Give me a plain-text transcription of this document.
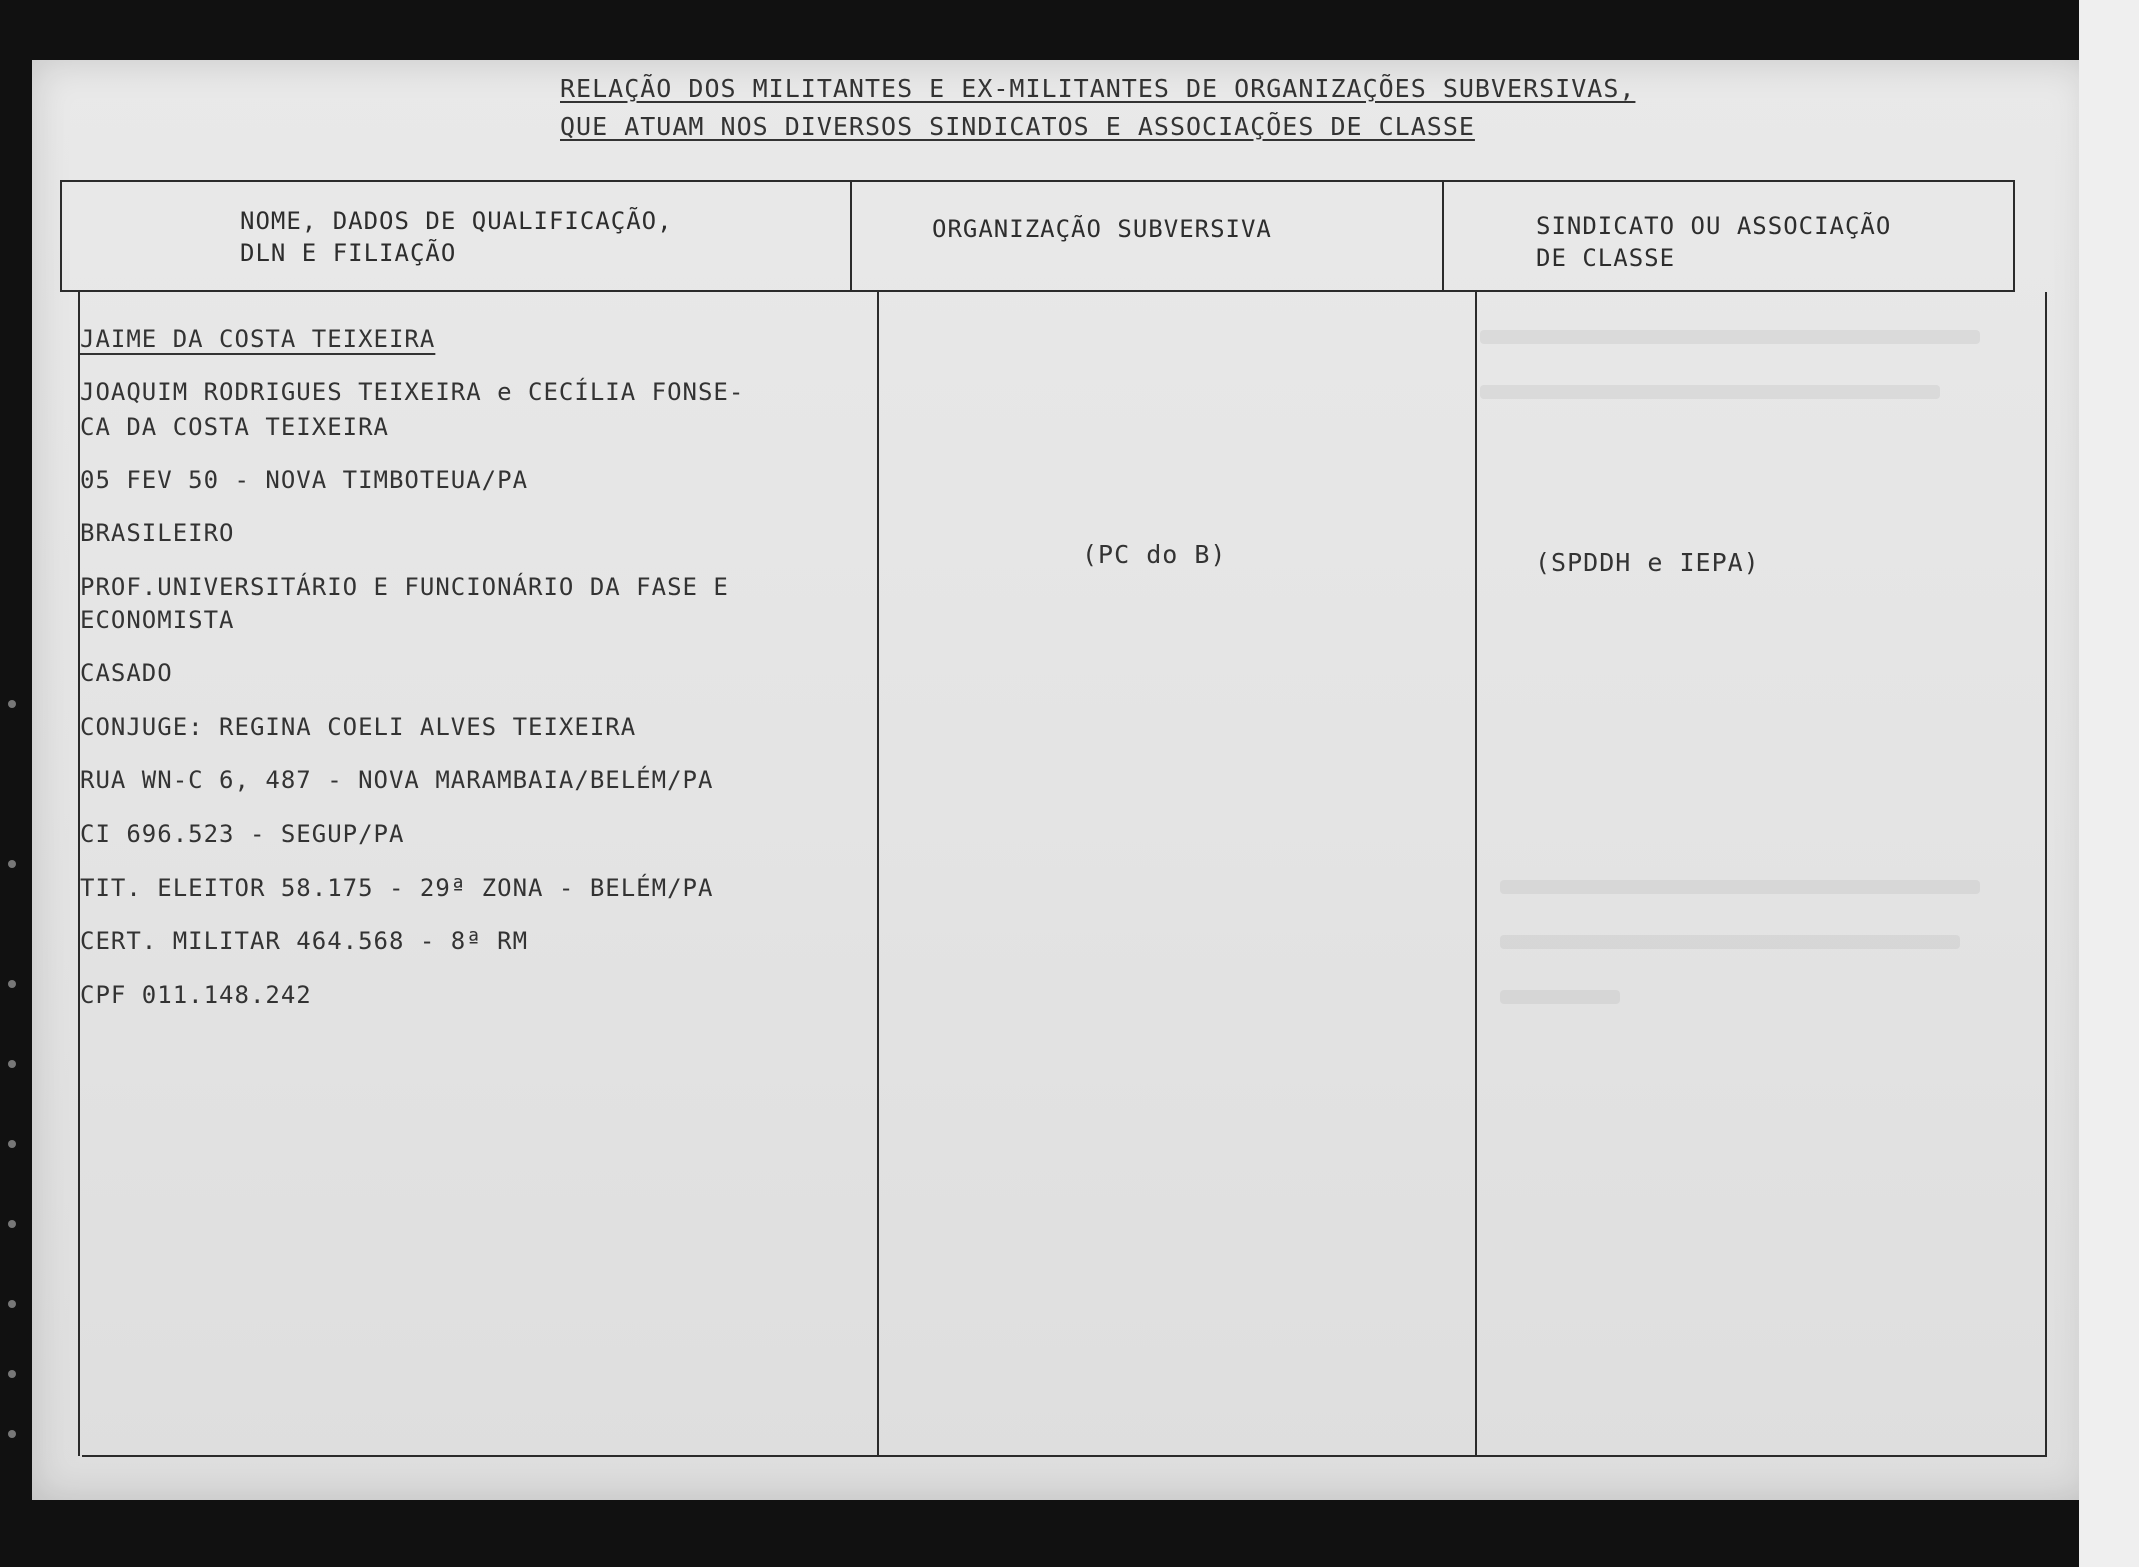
RELAÇÃO DOS MILITANTES E EX-MILITANTES DE ORGANIZAÇÕES SUBVERSIVAS,
QUE ATUAM NOS DIVERSOS SINDICATOS E ASSOCIAÇÕES DE CLASSE
NOME, DADOS DE QUALIFICAÇÃO,
DLN E FILIAÇÃO
ORGANIZAÇÃO SUBVERSIVA	SINDICATO OU ASSOCIAÇÃO
DE CLASSE
JAIME DA COSTA TEIXEIRA
JOAQUIM RODRIGUES TEIXEIRA e CECÍLIA FONSE-
CA DA COSTA TEIXEIRA
05 FEV 50 - NOVA TIMBOTEUA/PA
BRASILEIRO
PROF.UNIVERSITÁRIO E FUNCIONÁRIO DA FASE E
ECONOMISTA
CASADO
CONJUGE: REGINA COELI ALVES TEIXEIRA
RUA WN-C 6, 487 - NOVA MARAMBAIA/BELÉM/PA
CI 696.523 - SEGUP/PA
TIT. ELEITOR 58.175 - 29ª ZONA - BELÉM/PA
CERT. MILITAR 464.568 - 8ª RM
CPF 011.148.242
(PC do B)	(SPDDH e IEPA)
